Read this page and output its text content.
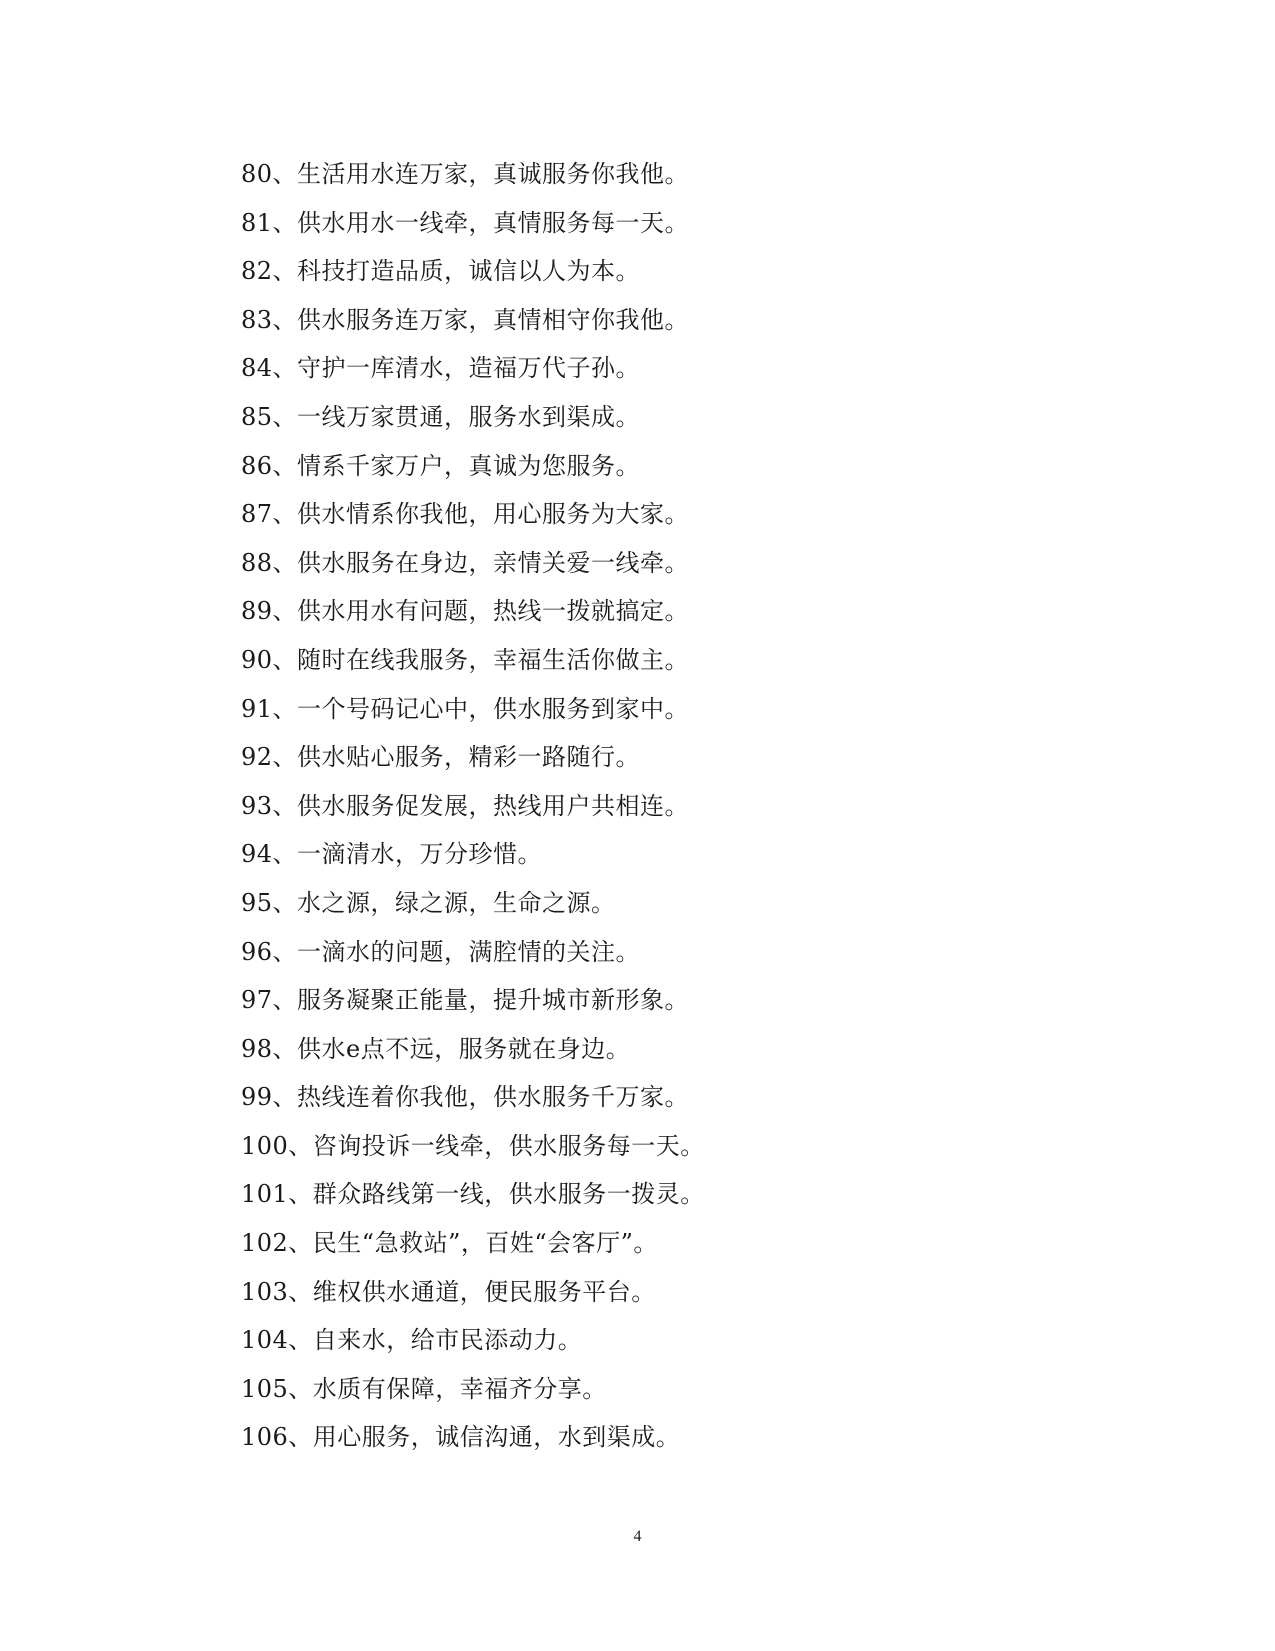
80、生活用水连万家，真诚服务你我他。
81、供水用水一线牵，真情服务每一天。
82、科技打造品质，诚信以人为本。
83、供水服务连万家，真情相守你我他。
84、守护一库清水，造福万代子孙。
85、一线万家贯通，服务水到渠成。
86、情系千家万户，真诚为您服务。
87、供水情系你我他，用心服务为大家。
88、供水服务在身边，亲情关爱一线牵。
89、供水用水有问题，热线一拨就搞定。
90、随时在线我服务，幸福生活你做主。
91、一个号码记心中，供水服务到家中。
92、供水贴心服务，精彩一路随行。
93、供水服务促发展，热线用户共相连。
94、一滴清水，万分珍惜。
95、水之源，绿之源，生命之源。
96、一滴水的问题，满腔情的关注。
97、服务凝聚正能量，提升城市新形象。
98、供水e点不远，服务就在身边。
99、热线连着你我他，供水服务千万家。
100、咨询投诉一线牵，供水服务每一天。
101、群众路线第一线，供水服务一拨灵。
102、民生“急救站”，百姓“会客厅”。
103、维权供水通道，便民服务平台。
104、自来水，给市民添动力。
105、水质有保障，幸福齐分享。
106、用心服务，诚信沟通，水到渠成。
4
